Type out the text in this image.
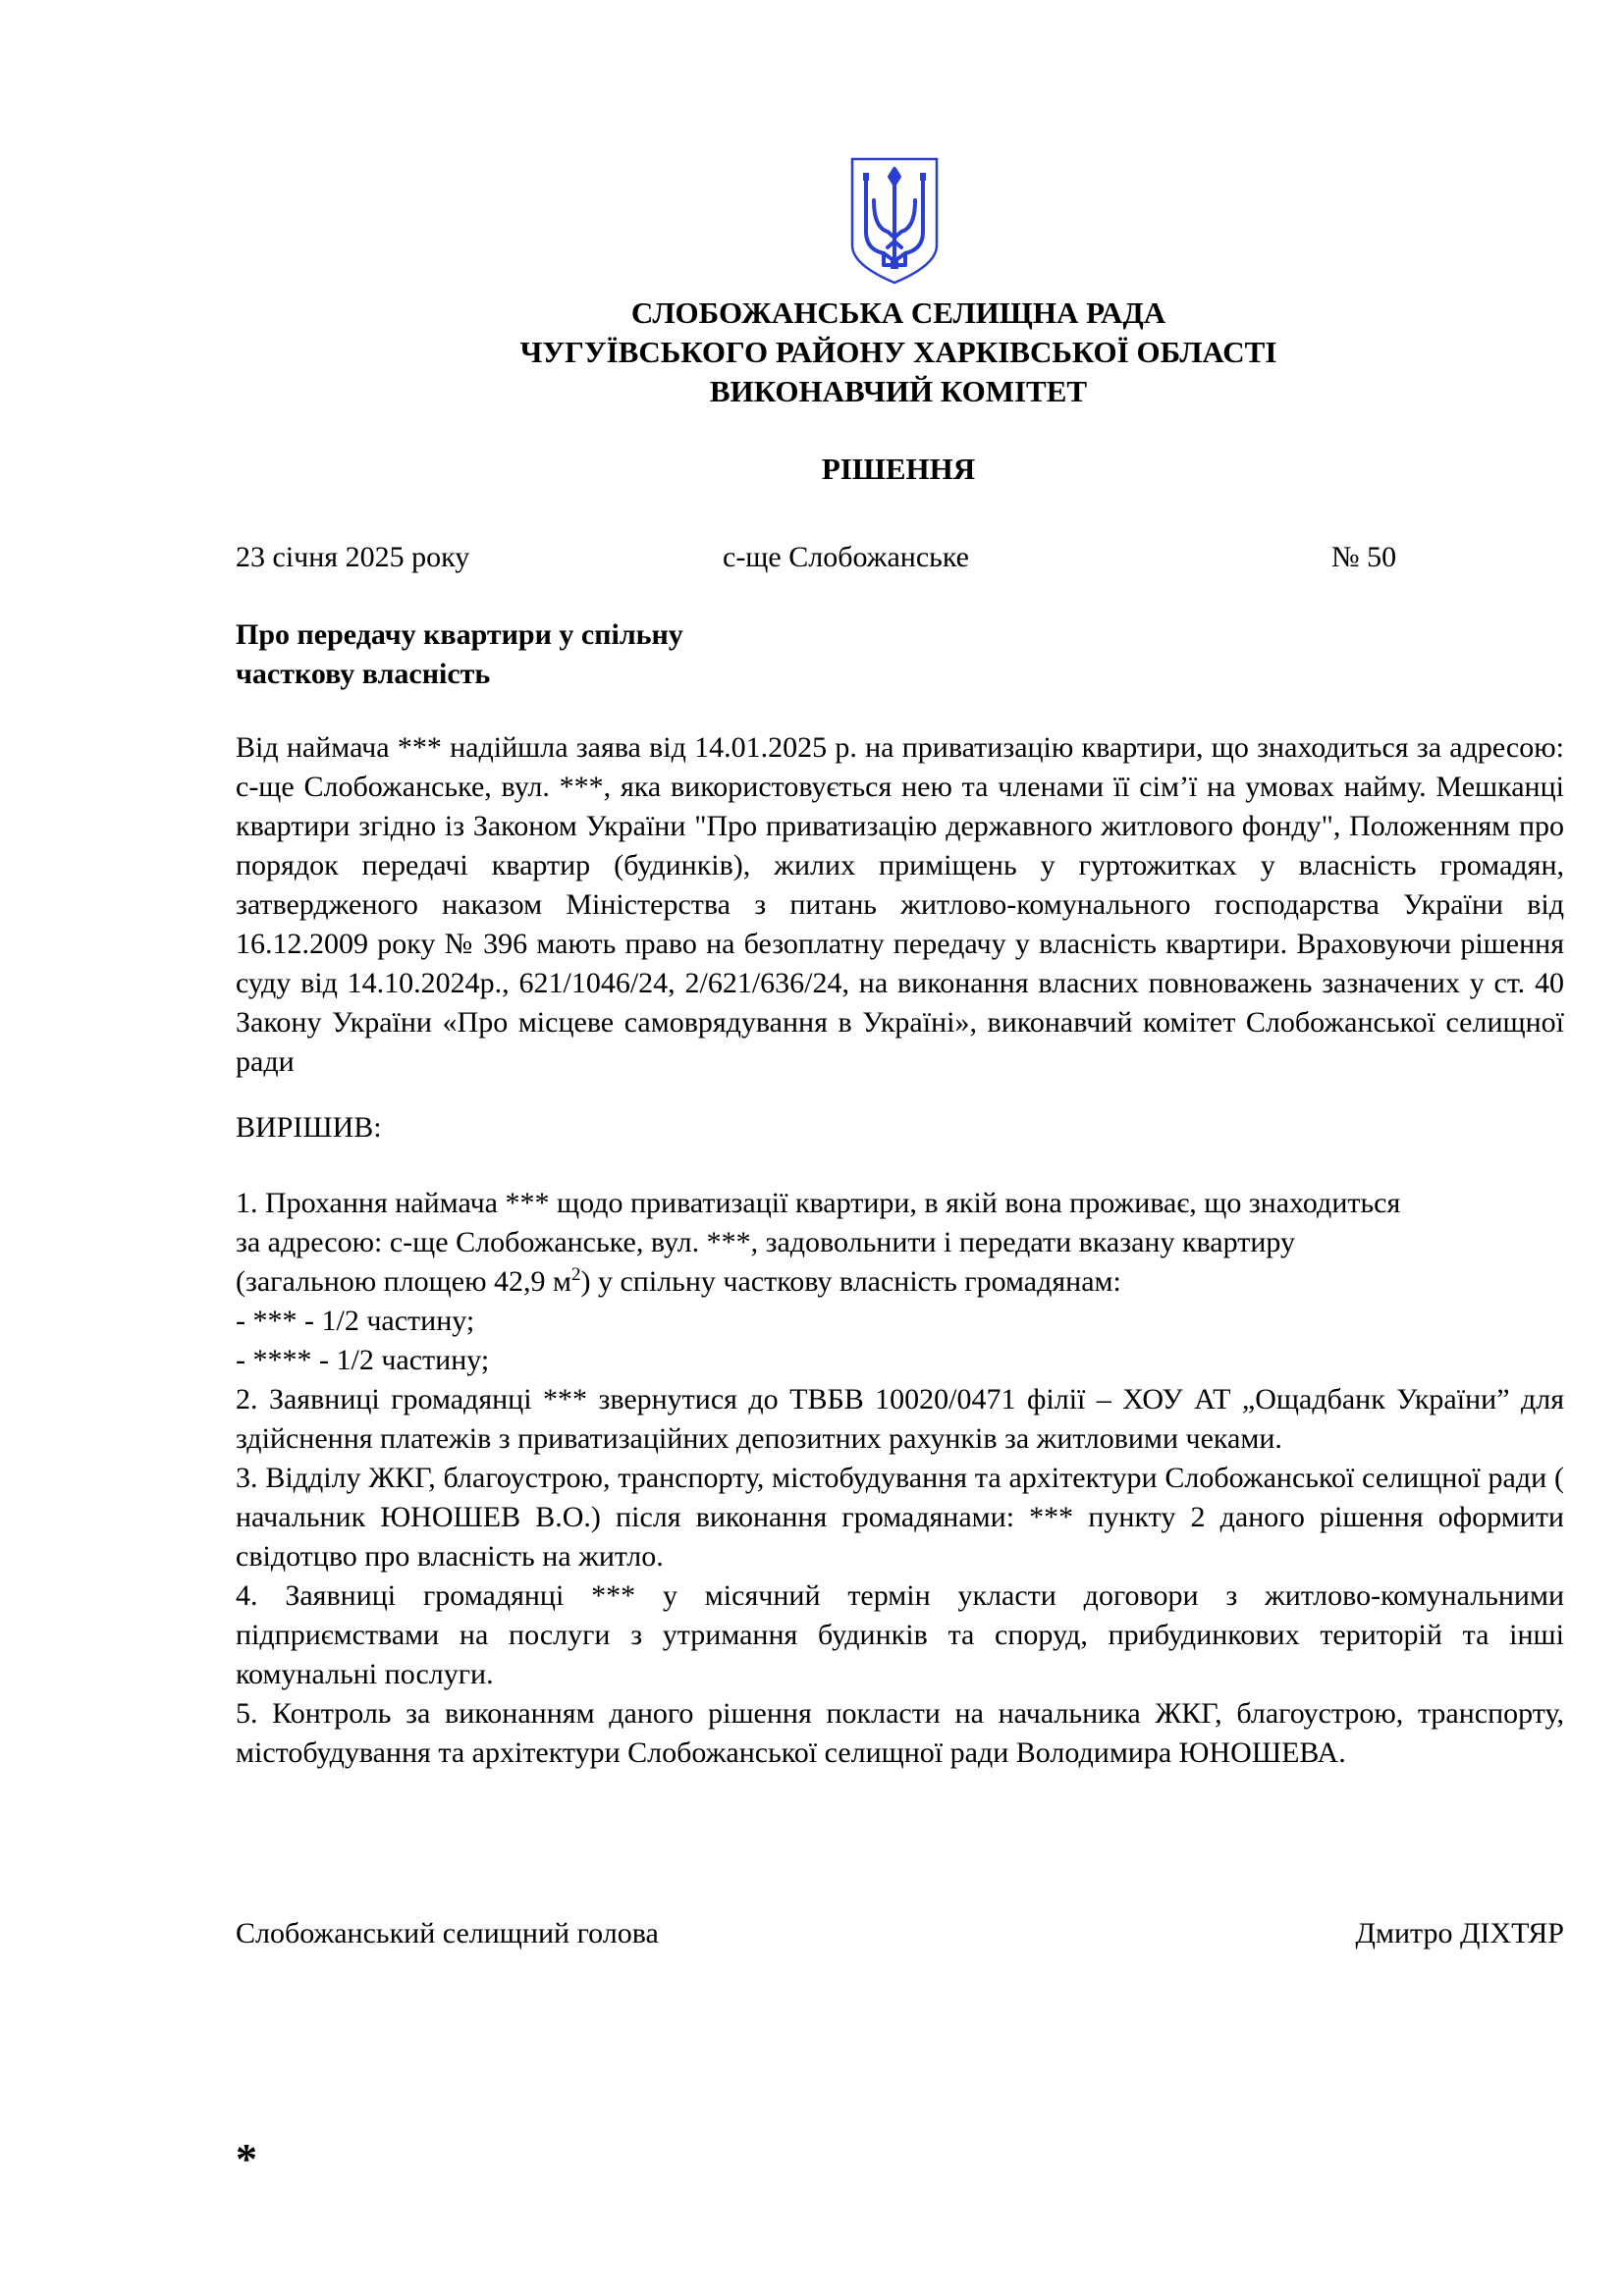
СЛОБОЖАНСЬКА СЕЛИЩНА РАДА
ЧУГУЇВСЬКОГО РАЙОНУ ХАРКІВСЬКОЇ ОБЛАСТІ
ВИКОНАВЧИЙ КОМІТЕТ
РІШЕННЯ
23 січня 2025 року	с-ще Слобожанське	№ 50
Про передачу квартири у спільну
часткову власність
Від наймача *** надійшла заява від 14.01.2025 р. на приватизацію квартири, що знаходиться за адресою: с-ще Слобожанське, вул. ***, яка використовується нею та членами її сім’ї на умовах найму. Мешканці квартири згідно із Законом України "Про приватизацію державного житлового фонду", Положенням про порядок передачі квартир (будинків), жилих приміщень у гуртожитках у власність громадян, затвердженого наказом Міністерства з питань житлово-комунального господарства України від 16.12.2009 року № 396 мають право на безоплатну передачу у власність квартири. Враховуючи рішення суду від 14.10.2024р., 621/1046/24, 2/621/636/24, на виконання власних повноважень зазначених у ст. 40 Закону України «Про місцеве самоврядування в Україні», виконавчий комітет Слобожанської селищної ради
ВИРІШИВ:
1. Прохання наймача *** щодо приватизації квартири, в якій вона проживає, що знаходиться
за адресою: с-ще Слобожанське, вул. ***, задовольнити і передати вказану квартиру
(загальною площею 42,9 $м^2$) у спільну часткову власність громадянам:
- *** - 1/2 частину;
- **** - 1/2 частину;
2. Заявниці громадянці *** звернутися до ТВБВ 10020/0471 філії – ХОУ АТ „Ощадбанк України” для здійснення платежів з приватизаційних депозитних рахунків за житловими чеками.
3. Відділу ЖКГ, благоустрою, транспорту, містобудування та архітектури Слобожанської селищної ради ( начальник ЮНОШЕВ В.О.) після виконання громадянами: *** пункту 2 даного рішення оформити свідотцво про власність на житло.
4. Заявниці громадянці *** у місячний термін укласти договори з житлово-комунальними підприємствами на послуги з утримання будинків та споруд, прибудинкових територій та інші комунальні послуги.
5. Контроль за виконанням даного рішення покласти на начальника ЖКГ, благоустрою, транспорту, містобудування та архітектури Слобожанської селищної ради Володимира ЮНОШЕВА.
Слобожанський селищний голова	Дмитро ДІХТЯР
*
